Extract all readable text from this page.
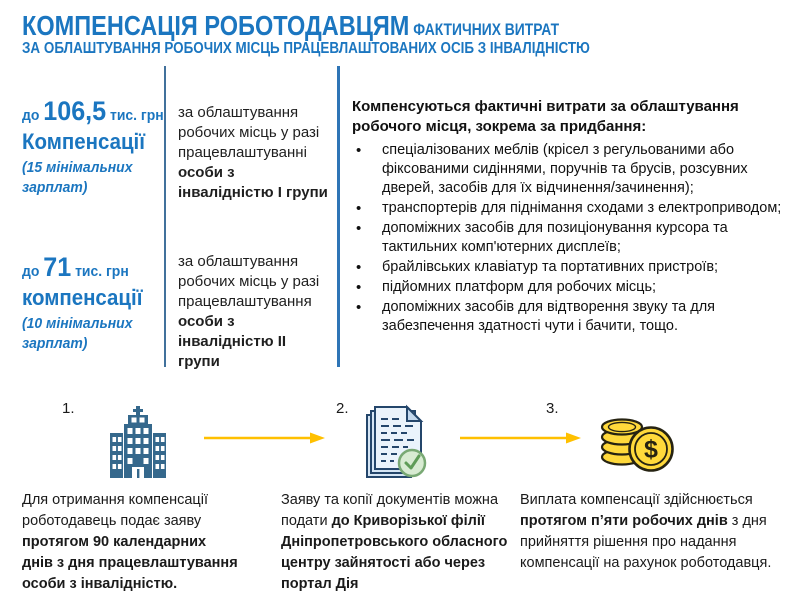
КОМПЕНСАЦІЯ РОБОТОДАВЦЯМ ФАКТИЧНИХ ВИТРАТ
ЗА ОБЛАШТУВАННЯ РОБОЧИХ МІСЦЬ ПРАЦЕВЛАШТОВАНИХ ОСІБ З ІНВАЛІДНІСТЮ
до 106,5 тис. грн
Компенсації
(15 мінімальних зарплат)
до 71 тис. грн
компенсації
(10 мінімальних зарплат)
за облаштування робочих місць у разі працевлаштуванні особи з інвалідністю І групи
за облаштування робочих місць у разі працевлаштування особи з інвалідністю ІІ групи
Компенсуються фактичні витрати за облаштування робочого місця, зокрема за придбання:
• спеціалізованих меблів (крісел з регульованими або фіксованими сидіннями, поручнів та брусів, розсувних дверей, засобів для їх відчинення/зачинення);
• транспортерів для піднімання сходами з електроприводом;
• допоміжних засобів для позиціонування курсора та тактильних комп'ютерних дисплеїв;
• брайлівських клавіатур та портативних пристроїв;
• підйомних платформ для робочих місць;
• допоміжних засобів для відтворення звуку та для забезпечення здатності чути і бачити, тощо.
1.	2.	3.
$
Для отримання компенсації роботодавець подає заяву протягом 90 календарних днів з дня працевлаштування особи з інвалідністю.
Заяву та копії документів можна подати до Криворізької філії Дніпропетровського обласного центру зайнятості або через портал Дія
Виплата компенсації здійснюється протягом п’яти робочих днів з дня прийняття рішення про надання компенсації на рахунок роботодавця.
